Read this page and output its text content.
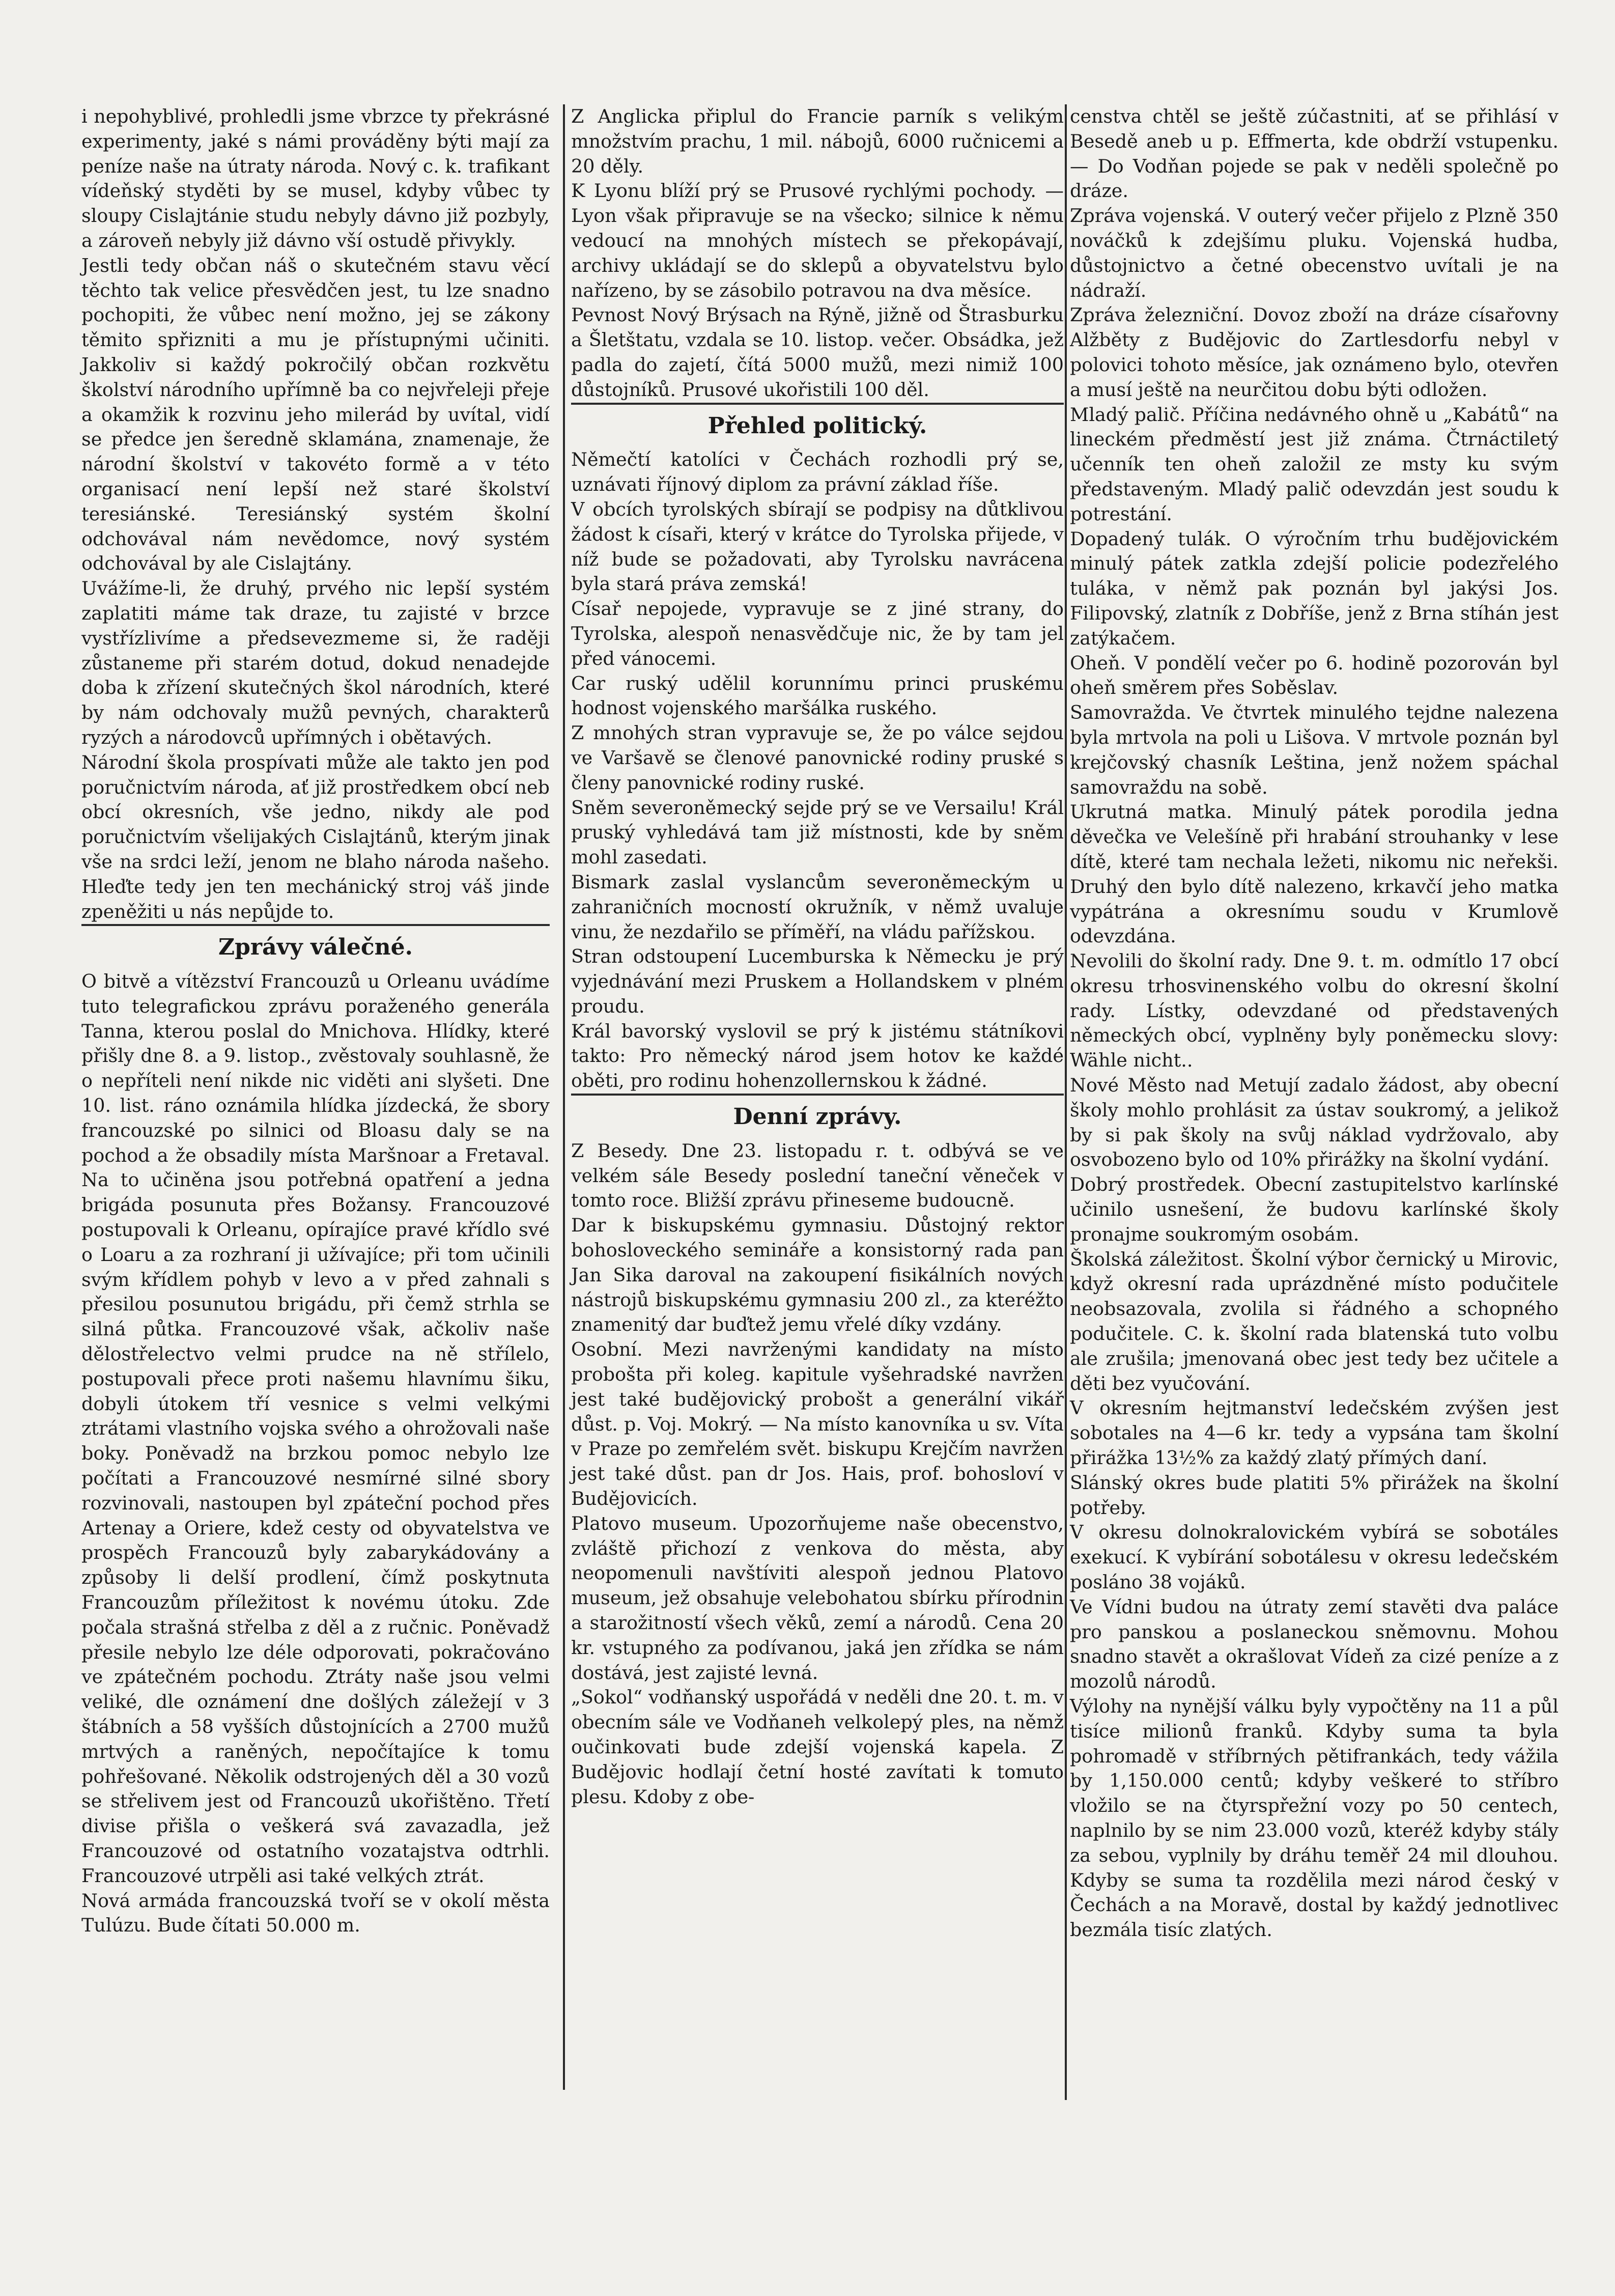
i nepohyblivé, prohledli jsme vbrzce ty překrásné experimenty, jaké s námi prováděny býti mají za peníze naše na útraty národa. Nový c. k. trafikant vídeňský styděti by se musel, kdyby vůbec ty sloupy Cislajtánie studu nebyly dávno již pozbyly, a zároveň nebyly již dávno vší ostudě přivykly.

Jestli tedy občan náš o skutečném stavu věcí těchto tak velice přesvědčen jest, tu lze snadno pochopiti, že vůbec není možno, jej se zákony těmito spřizniti a mu je přístupnými učiniti. Jakkoliv si každý pokročilý občan rozkvětu školství národního upřímně ba co nejvřeleji přeje a okamžik k rozvinu jeho milerád by uvítal, vidí se předce jen šeredně sklamána, znamenaje, že národní školství v takovéto formě a v této organisací není lepší než staré školství teresiánské. Teresiánský systém školní odchovával nám nevědomce, nový systém odchovával by ale Cislajtány.

Uvážíme-li, že druhý, prvého nic lepší systém zaplatiti máme tak draze, tu zajisté v brzce vystřízlivíme a předsevezmeme si, že raději zůstaneme při starém dotud, dokud nenadejde doba k zřízení skutečných škol národních, které by nám odchovaly mužů pevných, charakterů ryzých a národovců upřímných i obětavých.

Národní škola prospívati může ale takto jen pod poručnictvím národa, ať již prostředkem obcí neb obcí okresních, vše jedno, nikdy ale pod poručnictvím všelijakých Cislajtánů, kterým jinak vše na srdci leží, jenom ne blaho národa našeho. Hleďte tedy jen ten mechánický stroj váš jinde zpeněžiti u nás nepůjde to.

Zprávy válečné.

O bitvě a vítězství Francouzů u Orleanu uvádíme tuto telegrafickou zprávu poraženého generála Tanna, kterou poslal do Mnichova. Hlídky, které přišly dne 8. a 9. listop., zvěstovaly souhlasně, že o nepříteli není nikde nic viděti ani slyšeti. Dne 10. list. ráno oznámila hlídka jízdecká, že sbory francouzské po silnici od Bloasu daly se na pochod a že obsadily místa Maršnoar a Fretaval. Na to učiněna jsou potřebná opatření a jedna brigáda posunuta přes Božansy. Francouzové postupovali k Orleanu, opírajíce pravé křídlo své o Loaru a za rozhraní ji užívajíce; při tom učinili svým křídlem pohyb v levo a v před zahnali s přesilou posunutou brigádu, při čemž strhla se silná půtka. Francouzové však, ačkoliv naše dělostřelectvo velmi prudce na ně střílelo, postupovali přece proti našemu hlavnímu šiku, dobyli útokem tří vesnice s velmi velkými ztrátami vlastního vojska svého a ohrožovali naše boky. Poněvadž na brzkou pomoc nebylo lze počítati a Francouzové nesmírné silné sbory rozvinovali, nastoupen byl zpáteční pochod přes Artenay a Oriere, kdež cesty od obyvatelstva ve prospěch Francouzů byly zabarykádovány a způsoby li delší prodlení, čímž poskytnuta Francouzům příležitost k novému útoku. Zde počala strašná střelba z děl a z ručnic. Poněvadž přesile nebylo lze déle odporovati, pokračováno ve zpátečném pochodu. Ztráty naše jsou velmi veliké, dle oznámení dne došlých záležejí v 3 štábních a 58 vyšších důstojnících a 2700 mužů mrtvých a raněných, nepočítajíce k tomu pohřešované. Několik odstrojených děl a 30 vozů se střelivem jest od Francouzů ukořištěno. Třetí divise přišla o veškerá svá zavazadla, jež Francouzové od ostatního vozatajstva odtrhli. Francouzové utrpěli asi také velkých ztrát.

Nová armáda francouzská tvoří se v okolí města Tulúzu. Bude čítati 50.000 m.

Z Anglicka připlul do Francie parník s velikým množstvím prachu, 1 mil. nábojů, 6000 ručnicemi a 20 děly.

K Lyonu blíží prý se Prusové rychlými pochody. — Lyon však připravuje se na všecko; silnice k němu vedoucí na mnohých místech se překopávají, archivy ukládají se do sklepů a obyvatelstvu bylo nařízeno, by se zásobilo potravou na dva měsíce.

Pevnost Nový Brýsach na Rýně, jižně od Štrasburku a Šletštatu, vzdala se 10. listop. večer. Obsádka, jež padla do zajetí, čítá 5000 mužů, mezi nimiž 100 důstojníků. Prusové ukořistili 100 děl.

Přehled politický.

Němečtí katolíci v Čechách rozhodli prý se, uznávati říjnový diplom za právní základ říše.

V obcích tyrolských sbírají se podpisy na důtklivou žádost k císaři, který v krátce do Tyrolska přijede, v níž bude se požadovati, aby Tyrolsku navrácena byla stará práva zemská!

Císař nepojede, vypravuje se z jiné strany, do Tyrolska, alespoň nenasvědčuje nic, že by tam jel před vánocemi.

Car ruský udělil korunnímu princi pruskému hodnost vojenského maršálka ruského.

Z mnohých stran vypravuje se, že po válce sejdou ve Varšavě se členové panovnické rodiny pruské s členy panovnické rodiny ruské.

Sněm severoněmecký sejde prý se ve Versailu! Král pruský vyhledává tam již místnosti, kde by sněm mohl zasedati.

Bismark zaslal vyslancům severoněmeckým u zahraničních mocností okružník, v němž uvaluje vinu, že nezdařilo se příměří, na vládu pařížskou.

Stran odstoupení Lucemburska k Německu je prý vyjednávání mezi Pruskem a Hollandskem v plném proudu.

Král bavorský vyslovil se prý k jistému státníkovi takto: Pro německý národ jsem hotov ke každé oběti, pro rodinu hohenzollernskou k žádné.

Denní zprávy.

Z Besedy. Dne 23. listopadu r. t. odbývá se ve velkém sále Besedy poslední taneční věneček v tomto roce. Bližší zprávu přineseme budoucně.

Dar k biskupskému gymnasiu. Důstojný rektor bohosloveckého semináře a konsistorný rada pan Jan Sika daroval na zakoupení fisikálních nových nástrojů biskupskému gymnasiu 200 zl., za kteréžto znamenitý dar buďtež jemu vřelé díky vzdány.

Osobní. Mezi navrženými kandidaty na místo probošta při koleg. kapitule vyšehradské navržen jest také budějovický probošt a generální vikář důst. p. Voj. Mokrý. — Na místo kanovníka u sv. Víta v Praze po zemřelém svět. biskupu Krejčím navržen jest také důst. pan dr Jos. Hais, prof. bohosloví v Budějovicích.

Platovo museum. Upozorňujeme naše obecenstvo, zvláště přichozí z venkova do města, aby neopomenuli navštíviti alespoň jednou Platovo museum, jež obsahuje velebohatou sbírku přírodnin a starožitností všech věků, zemí a národů. Cena 20 kr. vstupného za podívanou, jaká jen zřídka se nám dostává, jest zajisté levná.

„Sokol“ vodňanský uspořádá v neděli dne 20. t. m. v obecním sále ve Vodňaneh velkolepý ples, na němž oučinkovati bude zdejší vojenská kapela. Z Budějovic hodlají četní hosté zavítati k tomuto plesu. Kdoby z obe-

censtva chtěl se ještě zúčastniti, ať se přihlásí v Besedě aneb u p. Effmerta, kde obdrží vstupenku. — Do Vodňan pojede se pak v neděli společně po dráze.

Zpráva vojenská. V outerý večer přijelo z Plzně 350 nováčků k zdejšímu pluku. Vojenská hudba, důstojnictvo a četné obecenstvo uvítali je na nádraží.

Zpráva železniční. Dovoz zboží na dráze císařovny Alžběty z Budějovic do Zartlesdorfu nebyl v polovici tohoto měsíce, jak oznámeno bylo, otevřen a musí ještě na neurčitou dobu býti odložen.

Mladý palič. Příčina nedávného ohně u „Kabátů“ na lineckém předměstí jest již známa. Čtrnáctiletý učenník ten oheň založil ze msty ku svým představeným. Mladý palič odevzdán jest soudu k potrestání.

Dopadený tulák. O výročním trhu budějovickém minulý pátek zatkla zdejší policie podezřelého tuláka, v němž pak poznán byl jakýsi Jos. Filipovský, zlatník z Dobříše, jenž z Brna stíhán jest zatýkačem.

Oheň. V pondělí večer po 6. hodině pozorován byl oheň směrem přes Soběslav.

Samovražda. Ve čtvrtek minulého tejdne nalezena byla mrtvola na poli u Lišova. V mrtvole poznán byl krejčovský chasník Leština, jenž nožem spáchal samovraždu na sobě.

Ukrutná matka. Minulý pátek porodila jedna děvečka ve Velešíně při hrabání strouhanky v lese dítě, které tam nechala ležeti, nikomu nic neřekši. Druhý den bylo dítě nalezeno, krkavčí jeho matka vypátrána a okresnímu soudu v Krumlově odevzdána.

Nevolili do školní rady. Dne 9. t. m. odmítlo 17 obcí okresu trhosvinenského volbu do okresní školní rady. Lístky, odevzdané od představených německých obcí, vyplněny byly poněmecku slovy: Wähle nicht..

Nové Město nad Metují zadalo žádost, aby obecní školy mohlo prohlásit za ústav soukromý, a jelikož by si pak školy na svůj náklad vydržovalo, aby osvobozeno bylo od 10% přirážky na školní vydání.

Dobrý prostředek. Obecní zastupitelstvo karlínské učinilo usnešení, že budovu karlínské školy pronajme soukromým osobám.

Školská záležitost. Školní výbor černický u Mirovic, když okresní rada uprázdněné místo podučitele neobsazovala, zvolila si řádného a schopného podučitele. C. k. školní rada blatenská tuto volbu ale zrušila; jmenovaná obec jest tedy bez učitele a děti bez vyučování.

V okresním hejtmanství ledečském zvýšen jest sobotales na 4—6 kr. tedy a vypsána tam školní přirážka 13½% za každý zlatý přímých daní.

Slánský okres bude platiti 5% přirážek na školní potřeby.

V okresu dolnokralovickém vybírá se sobotáles exekucí. K vybírání sobotálesu v okresu ledečském posláno 38 vojáků.

Ve Vídni budou na útraty zemí stavěti dva paláce pro panskou a poslaneckou sněmovnu. Mohou snadno stavět a okrašlovat Vídeň za cizé peníze a z mozolů národů.

Výlohy na nynější válku byly vypočtěny na 11 a půl tisíce milionů franků. Kdyby suma ta byla pohromadě v stříbrných pětifrankách, tedy vážila by 1,150.000 centů; kdyby veškeré to stříbro vložilo se na čtyrspřežní vozy po 50 centech, naplnilo by se nim 23.000 vozů, kteréž kdyby stály za sebou, vyplnily by dráhu teměř 24 mil dlouhou. Kdyby se suma ta rozdělila mezi národ český v Čechách a na Moravě, dostal by každý jednotlivec bezmála tisíc zlatých.
